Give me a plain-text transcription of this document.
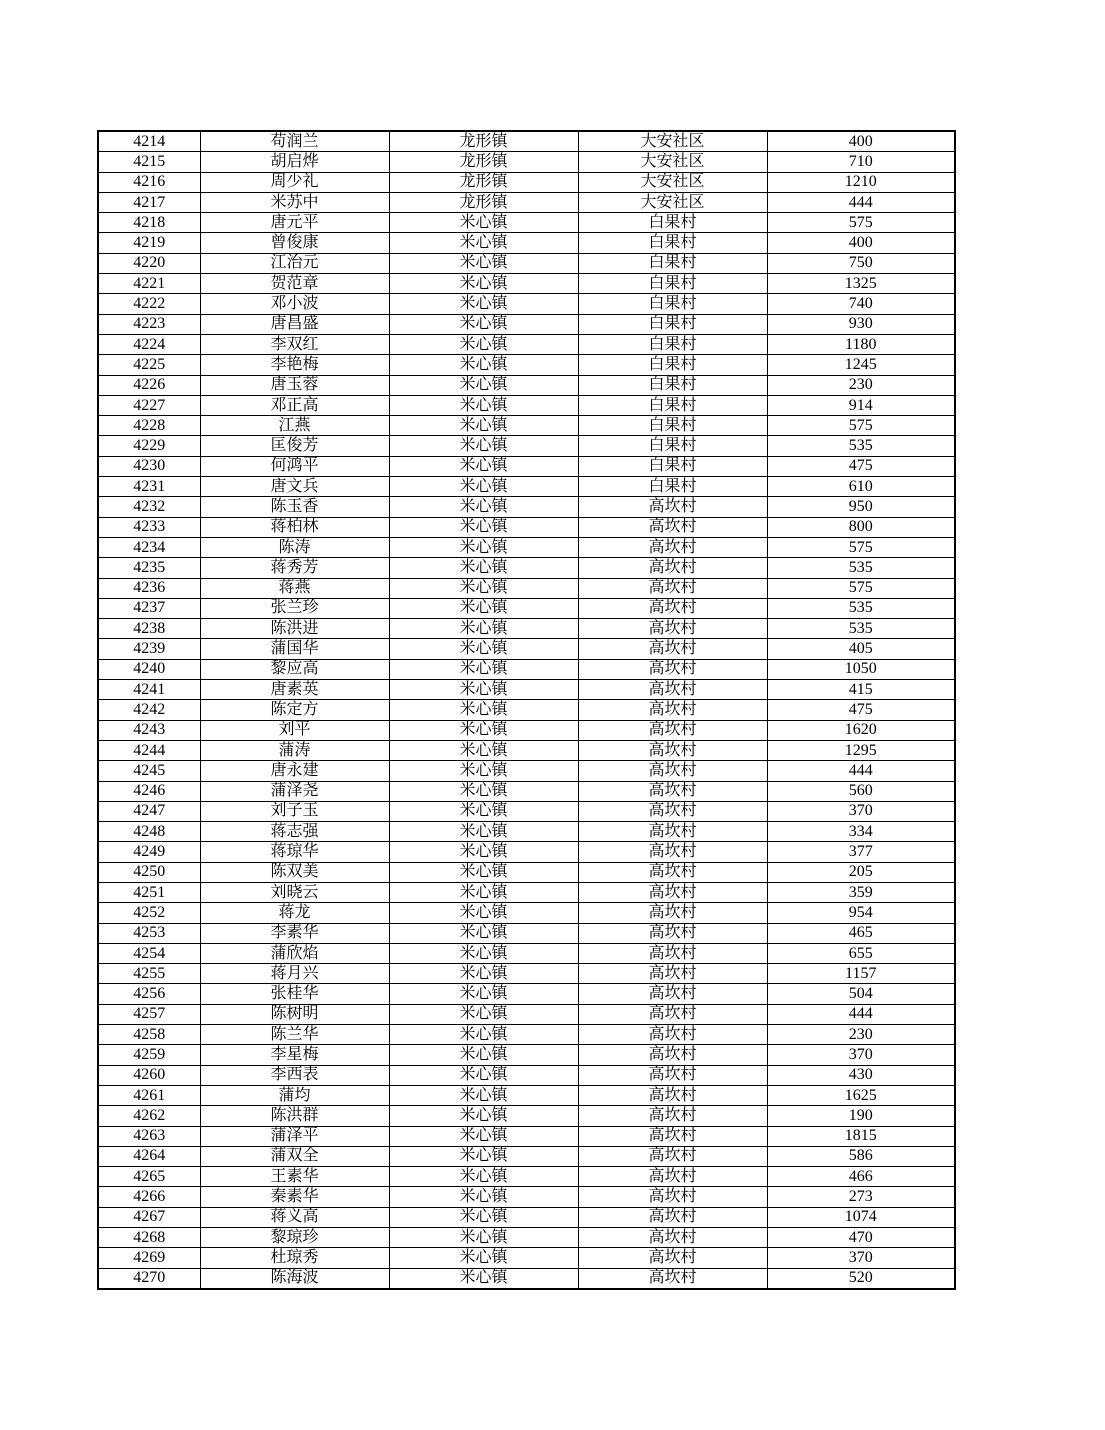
4214	苟润兰	龙形镇	大安社区	400
4215	胡启烨	龙形镇	大安社区	710
4216	周少礼	龙形镇	大安社区	1210
4217	米苏中	龙形镇	大安社区	444
4218	唐元平	米心镇	白果村	575
4219	曾俊康	米心镇	白果村	400
4220	江治元	米心镇	白果村	750
4221	贺范章	米心镇	白果村	1325
4222	邓小波	米心镇	白果村	740
4223	唐昌盛	米心镇	白果村	930
4224	李双红	米心镇	白果村	1180
4225	李艳梅	米心镇	白果村	1245
4226	唐玉蓉	米心镇	白果村	230
4227	邓正高	米心镇	白果村	914
4228	江燕	米心镇	白果村	575
4229	匡俊芳	米心镇	白果村	535
4230	何鸿平	米心镇	白果村	475
4231	唐文兵	米心镇	白果村	610
4232	陈玉香	米心镇	高坎村	950
4233	蒋柏林	米心镇	高坎村	800
4234	陈涛	米心镇	高坎村	575
4235	蒋秀芳	米心镇	高坎村	535
4236	蒋燕	米心镇	高坎村	575
4237	张兰珍	米心镇	高坎村	535
4238	陈洪进	米心镇	高坎村	535
4239	蒲国华	米心镇	高坎村	405
4240	黎应高	米心镇	高坎村	1050
4241	唐素英	米心镇	高坎村	415
4242	陈定方	米心镇	高坎村	475
4243	刘平	米心镇	高坎村	1620
4244	蒲涛	米心镇	高坎村	1295
4245	唐永建	米心镇	高坎村	444
4246	蒲泽尧	米心镇	高坎村	560
4247	刘子玉	米心镇	高坎村	370
4248	蒋志强	米心镇	高坎村	334
4249	蒋琼华	米心镇	高坎村	377
4250	陈双美	米心镇	高坎村	205
4251	刘晓云	米心镇	高坎村	359
4252	蒋龙	米心镇	高坎村	954
4253	李素华	米心镇	高坎村	465
4254	蒲欣焰	米心镇	高坎村	655
4255	蒋月兴	米心镇	高坎村	1157
4256	张桂华	米心镇	高坎村	504
4257	陈树明	米心镇	高坎村	444
4258	陈兰华	米心镇	高坎村	230
4259	李星梅	米心镇	高坎村	370
4260	李西表	米心镇	高坎村	430
4261	蒲均	米心镇	高坎村	1625
4262	陈洪群	米心镇	高坎村	190
4263	蒲泽平	米心镇	高坎村	1815
4264	蒲双全	米心镇	高坎村	586
4265	王素华	米心镇	高坎村	466
4266	秦素华	米心镇	高坎村	273
4267	蒋义高	米心镇	高坎村	1074
4268	黎琼珍	米心镇	高坎村	470
4269	杜琼秀	米心镇	高坎村	370
4270	陈海波	米心镇	高坎村	520
